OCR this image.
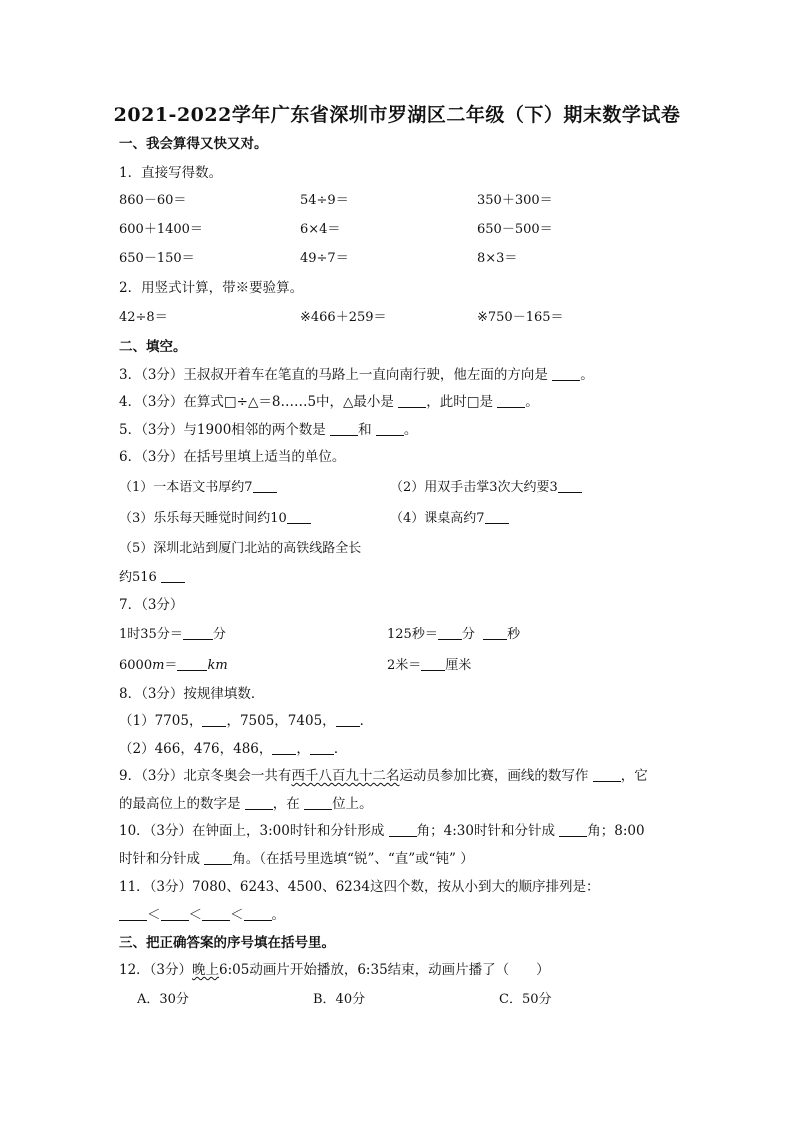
2021-2022学年广东省深圳市罗湖区二年级（下）期末数学试卷
一、我会算得又快又对。
1．直接写得数。
860－60＝	54÷9＝	350＋300＝
600＋1400＝	6×4＝	650－500＝
650－150＝	49÷7＝	8×3＝
2．用竖式计算，带※要验算。
42÷8＝	※466＋259＝	※750－165＝
二、填空。
3．（3分）王叔叔开着车在笔直的马路上一直向南行驶，他左面的方向是 。
4．（3分）在算式□÷△＝8……5中，△最小是 ，此时□是 。
5．（3分）与1900相邻的两个数是 和 。
6．（3分）在括号里填上适当的单位。
（1）一本语文书厚约7	（2）用双手击掌3次大约要3
（3）乐乐每天睡觉时间约10	（4）课桌高约7
（5）深圳北站到厦门北站的高铁线路全长
约516
7．（3分）
1时35分＝ 分	125秒＝ 分 秒
6000m＝ km	2米＝ 厘米
8．（3分）按规律填数．
（1）7705， ，7505，7405， ．
（2）466，476，486， ， ．
9．（3分）北京冬奥会一共有西千八百九十二名运动员参加比赛，画线的数写作 ，它
的最高位上的数字是 ，在 位上。
10．（3分）在钟面上，3:00时针和分针形成 角；4:30时针和分针成 角；8:00
时针和分针成 角。（在括号里选填“锐”、“直”或“钝” ）
11．（3分）7080、6243、4500、6234这四个数，按从小到大的顺序排列是：
＜ ＜ ＜ 。
三、把正确答案的序号填在括号里。
12．（3分）晚上6:05动画片开始播放，6:35结束，动画片播了（　　）
A．30分	B．40分	C．50分
